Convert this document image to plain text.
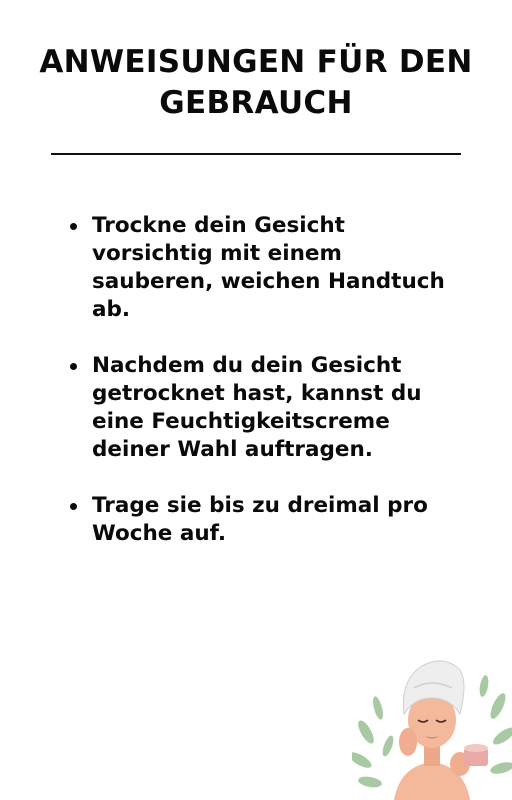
ANWEISUNGEN FÜR DEN GEBRAUCH
Trockne dein Gesicht vorsichtig mit einem sauberen, weichen Handtuch ab.
Nachdem du dein Gesicht getrocknet hast, kannst du eine Feuchtigkeitscreme deiner Wahl auftragen.
Trage sie bis zu dreimal pro Woche auf.
